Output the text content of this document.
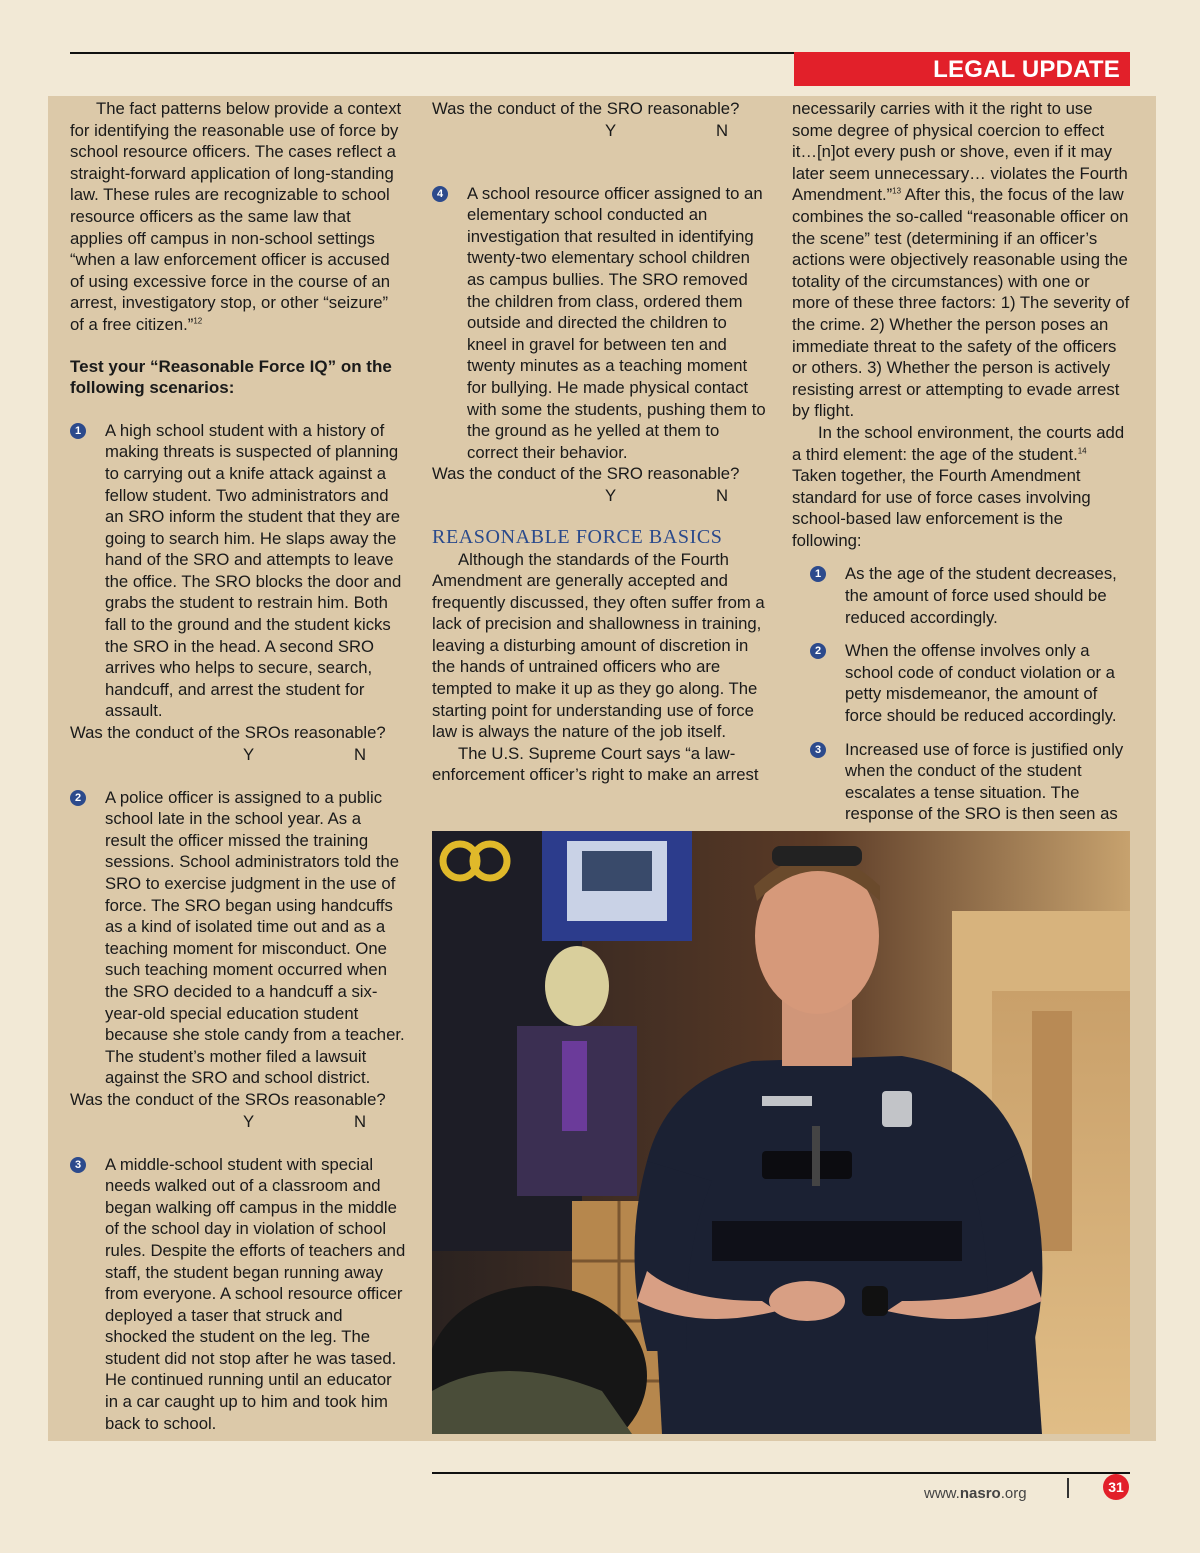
LEGAL UPDATE

The fact patterns below provide a context for identifying the reasonable use of force by school resource officers. The cases reflect a straight-forward application of long-standing law. These rules are recognizable to school resource officers as the same law that applies off campus in non-school settings “when a law enforcement officer is accused of using excessive force in the course of an arrest, investigatory stop, or other “seizure” of a free citizen.”$^{12}$

Test your “Reasonable Force IQ” on the following scenarios:

1 A high school student with a history of making threats is suspected of planning to carrying out a knife attack against a fellow student. Two administrators and an SRO inform the student that they are going to search him. He slaps away the hand of the SRO and attempts to leave the office. The SRO blocks the door and grabs the student to restrain him. Both fall to the ground and the student kicks the SRO in the head. A second SRO arrives who helps to secure, search, handcuff, and arrest the student for assault.

Was the conduct of the SROs reasonable?

Y	N
2 A police officer is assigned to a public school late in the school year. As a result the officer missed the training sessions. School administrators told the SRO to exercise judgment in the use of force. The SRO began using handcuffs as a kind of isolated time out and as a teaching moment for misconduct. One such teaching moment occurred when the SRO decided to a handcuff a six-year-old special education student because she stole candy from a teacher. The student’s mother filed a lawsuit against the SRO and school district.

Was the conduct of the SROs reasonable?

Y	N
3 A middle-school student with special needs walked out of a classroom and began walking off campus in the middle of the school day in violation of school rules. Despite the efforts of teachers and staff, the student began running away from everyone. A school resource officer deployed a taser that struck and shocked the student on the leg. The student did not stop after he was tased. He continued running until an educator in a car caught up to him and took him back to school.

Was the conduct of the SRO reasonable?

Y	N
4 A school resource officer assigned to an elementary school conducted an investigation that resulted in identifying twenty-two elementary school children as campus bullies. The SRO removed the children from class, ordered them outside and directed the children to kneel in gravel for between ten and twenty minutes as a teaching moment for bullying. He made physical contact with some the students, pushing them to the ground as he yelled at them to correct their behavior.

Was the conduct of the SRO reasonable?

Y	N

REASONABLE FORCE BASICS

Although the standards of the Fourth Amendment are generally accepted and frequently discussed, they often suffer from a lack of precision and shallowness in training, leaving a disturbing amount of discretion in the hands of untrained officers who are tempted to make it up as they go along. The starting point for understanding use of force law is always the nature of the job itself.

The U.S. Supreme Court says “a law-enforcement officer’s right to make an arrest

necessarily carries with it the right to use some degree of physical coercion to effect it…[n]ot every push or shove, even if it may later seem unnecessary… violates the Fourth Amendment.”$^{13}$ After this, the focus of the law combines the so-called “reasonable officer on the scene” test (determining if an officer’s actions were objectively reasonable using the totality of the circumstances) with one or more of these three factors: 1) The severity of the crime. 2) Whether the person poses an immediate threat to the safety of the officers or others. 3) Whether the person is actively resisting arrest or attempting to evade arrest by flight.

In the school environment, the courts add a third element: the age of the student.$^{14}$ Taken together, the Fourth Amendment standard for use of force cases involving school-based law enforcement is the following:

1 As the age of the student decreases, the amount of force used should be reduced accordingly.

2 When the offense involves only a school code of conduct violation or a petty misdemeanor, the amount of force should be reduced accordingly.

3 Increased use of force is justified only when the conduct of the student escalates a tense situation. The response of the SRO is then seen as

www.nasro.org	31
